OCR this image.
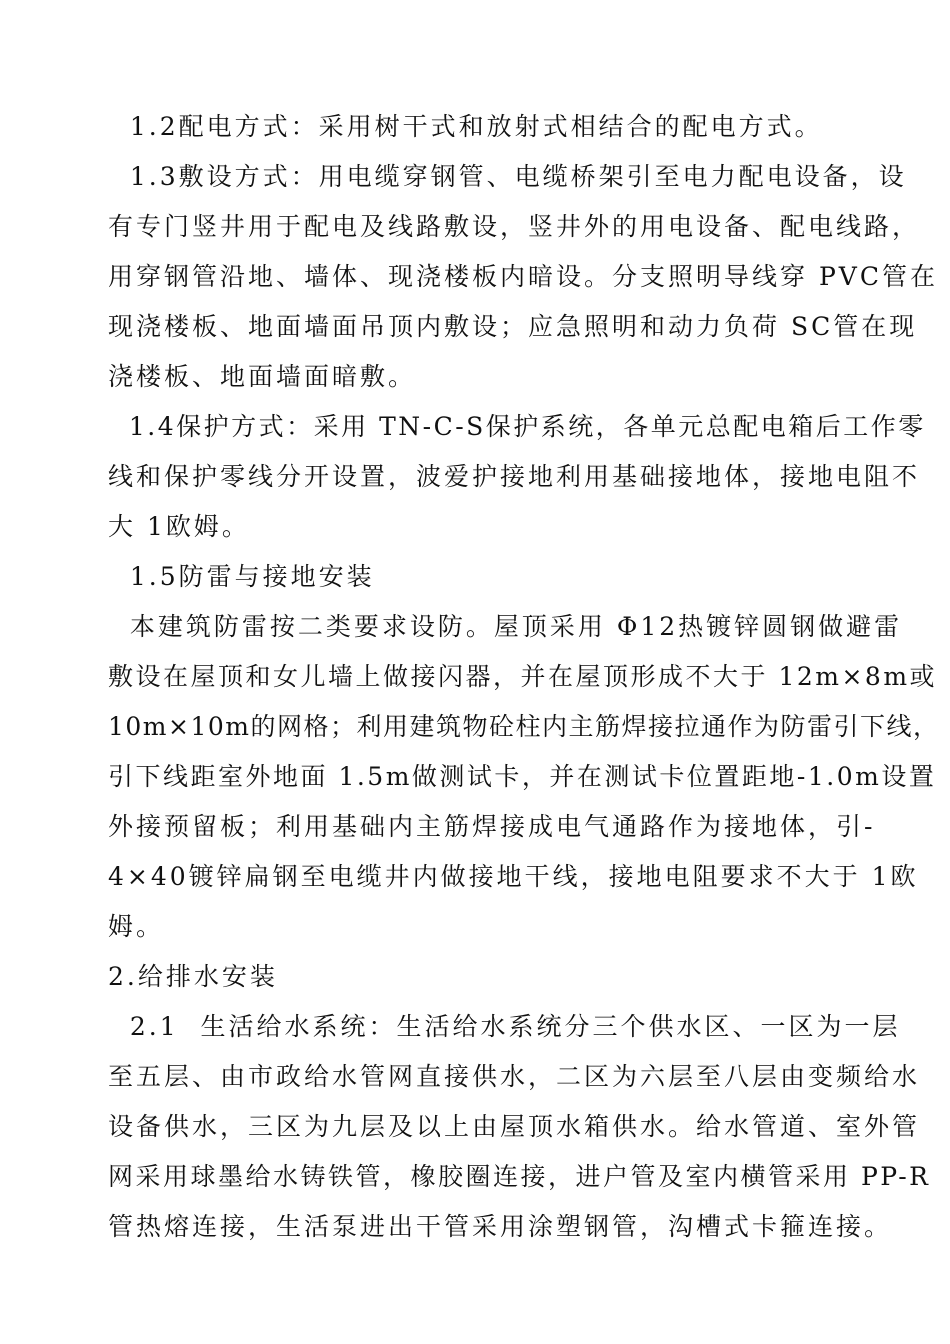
1.2配电方式：采用树干式和放射式相结合的配电方式。

1.3敷设方式：用电缆穿钢管、电缆桥架引至电力配电设备，设

有专门竖井用于配电及线路敷设，竖井外的用电设备、配电线路，

用穿钢管沿地、墙体、现浇楼板内暗设。分支照明导线穿 PVC管在

现浇楼板、地面墙面吊顶内敷设；应急照明和动力负荷 SC管在现

浇楼板、地面墙面暗敷。

1.4保护方式：采用 TN-C-S保护系统，各单元总配电箱后工作零

线和保护零线分开设置，波爱护接地利用基础接地体，接地电阻不

大 1欧姆。

1.5防雷与接地安装

本建筑防雷按二类要求设防。屋顶采用 Φ12热镀锌圆钢做避雷

敷设在屋顶和女儿墙上做接闪器，并在屋顶形成不大于 12m×8m或

10m×10m的网格；利用建筑物砼柱内主筋焊接拉通作为防雷引下线，

引下线距室外地面 1.5m做测试卡，并在测试卡位置距地-1.0m设置

外接预留板；利用基础内主筋焊接成电气通路作为接地体，引-

4×40镀锌扁钢至电缆井内做接地干线，接地电阻要求不大于 1欧

姆。

2.给排水安装

2.1  生活给水系统：生活给水系统分三个供水区、一区为一层

至五层、由市政给水管网直接供水，二区为六层至八层由变频给水

设备供水，三区为九层及以上由屋顶水箱供水。给水管道、室外管

网采用球墨给水铸铁管，橡胶圈连接，进户管及室内横管采用 PP-R

管热熔连接，生活泵进出干管采用涂塑钢管，沟槽式卡箍连接。
